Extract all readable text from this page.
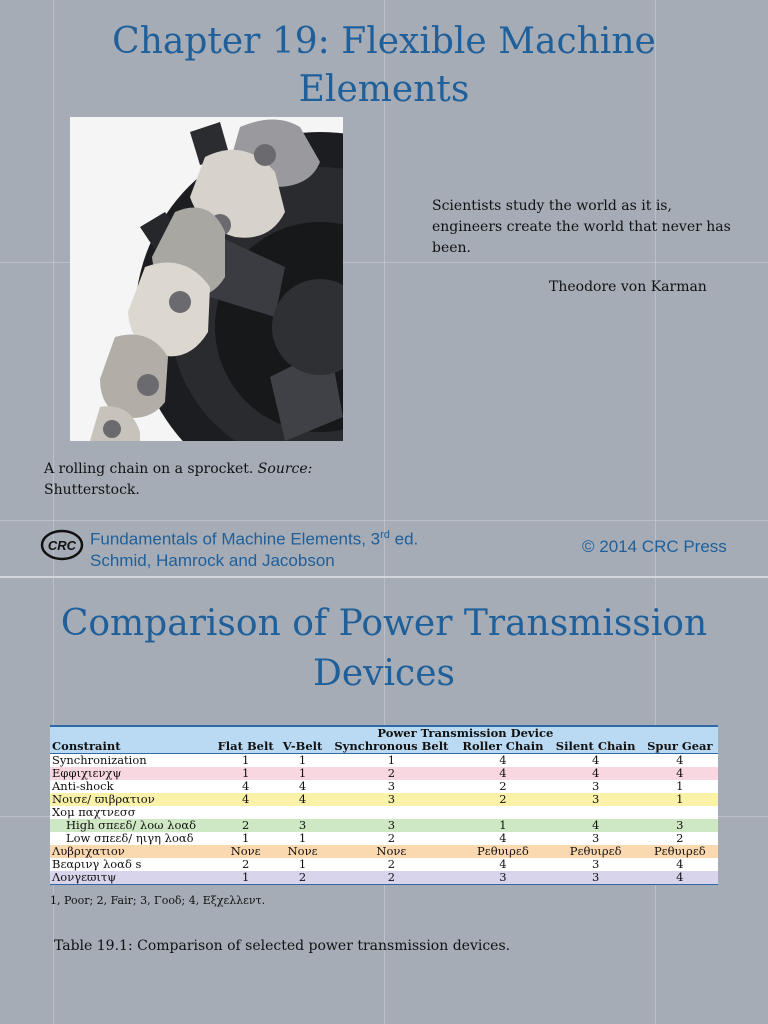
Chapter 19: Flexible Machine
Elements
Scientists study the world as it is, engineers create the world that never has been.
Theodore von Karman
A rolling chain on a sprocket. Source:
Shutterstock.
CRC Fundamentals of Machine Elements, 3rd ed.
Schmid, Hamrock and Jacobson
© 2014 CRC Press
Comparison of Power Transmission
Devices
	Power Transmission Device					
Constraint	Flat Belt	V-Belt	Synchronous Belt	Roller Chain	Silent Chain	Spur Gear
Synchronization	1	1	1	4	4	4
Eφφιχιενχψ	1	1	2	4	4	4
Anti-shock	4	4	3	2	3	1
Νοισε/ ϖιβρατιον	4	4	3	2	3	1
Χομ παχτνεσσ						
High σπεεδ/ λοω λοαδ	2	3	3	1	4	3
Low σπεεδ/ ηιγη λοαδ	1	1	2	4	3	2
Λυβριχατιον	Νονε	Νονε	Νονε	Ρεθυιρεδ	Ρεθυιρεδ	Ρεθυιρεδ
Βεαρινγ λοαδ s	2	1	2	4	3	4
Λονγεϖιτψ	1	2	2	3	3	4
1, Poor; 2, Fair; 3, Γοοδ; 4, Εξχελλεντ.
Table 19.1: Comparison of selected power transmission devices.
